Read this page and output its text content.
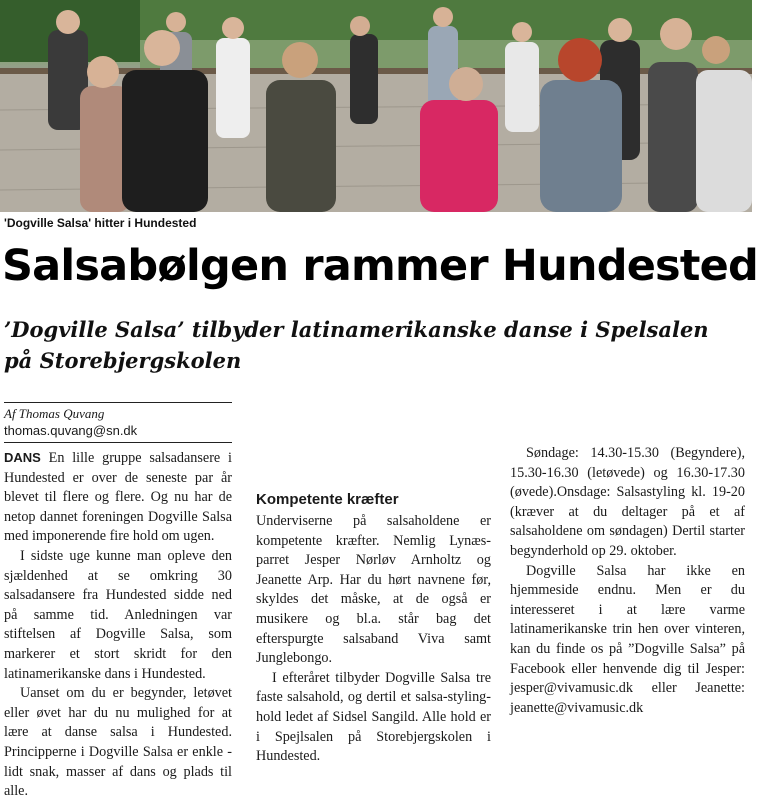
'Dogville Salsa' hitter i Hundested
Salsabølgen rammer Hundested
’Dogville Salsa’ tilbyder latinamerikanske danse i Spelsalen på Storebjergskolen
Af Thomas Quvang
thomas.quvang@sn.dk

DANS En lille gruppe salsadansere i Hundested er over de seneste par år blevet til flere og flere. Og nu har de netop dannet foreningen Dogville Salsa med imponerende fire hold om ugen.

I sidste uge kunne man opleve den sjældenhed at se omkring 30 salsadansere fra Hundested sidde ned på samme tid. Anledningen var stiftelsen af Dogville Salsa, som markerer et stort skridt for den latinamerikanske dans i Hundested.

Uanset om du er begynder, letøvet eller øvet har du nu mulighed for at lære at danse salsa i Hundested. Principperne i Dogville Salsa er enkle - lidt snak, masser af dans og plads til alle.

Kompetente kræfter

Underviserne på salsaholdene er kompetente kræfter. Nemlig Lynæs-parret Jesper Nørløv Arnholtz og Jeanette Arp. Har du hørt navnene før, skyldes det måske, at de også er musikere og bl.a. står bag det efterspurgte salsaband Viva samt Junglebongo.

I efteråret tilbyder Dogville Salsa tre faste salsahold, og dertil et salsa-styling-hold ledet af Sidsel Sangild. Alle hold er i Spejlsalen på Storebjergskolen i Hundested.

Søndage: 14.30-15.30 (Begyndere), 15.30-16.30 (letøvede) og 16.30-17.30 (øvede).Onsdage: Salsastyling kl. 19-20 (kræver at du deltager på et af salsaholdene om søndagen) Dertil starter begynderhold op 29. oktober.

Dogville Salsa har ikke en hjemmeside endnu. Men er du interesseret i at lære varme latinamerikanske trin hen over vinteren, kan du finde os på ”Dogville Salsa” på Facebook eller henvende dig til Jesper: jesper@vivamusic.dk eller Jeanette: jeanette@vivamusic.dk
